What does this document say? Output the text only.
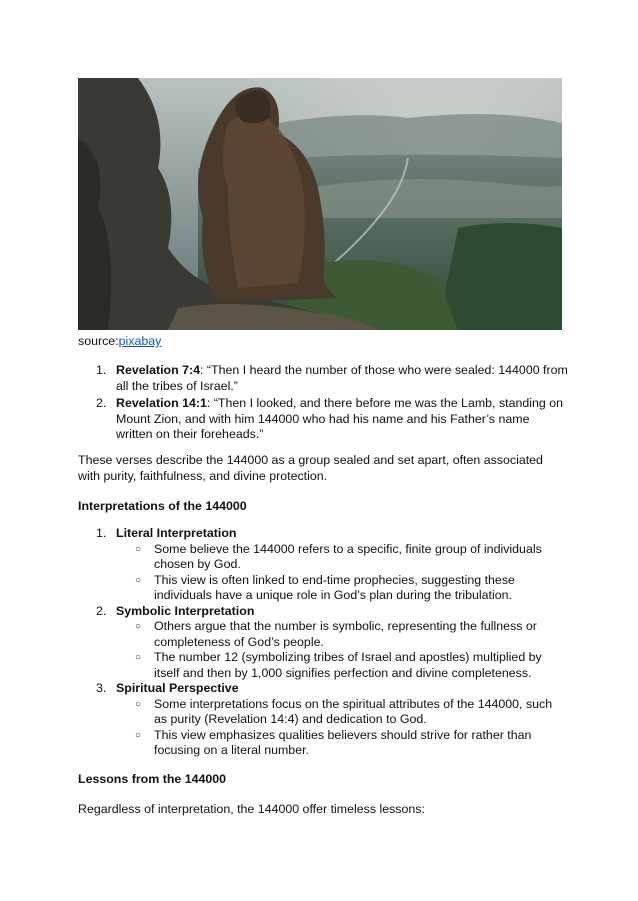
source:pixabay
1. Revelation 7:4: “Then I heard the number of those who were sealed: 144000 from all the tribes of Israel.”
2. Revelation 14:1: “Then I looked, and there before me was the Lamb, standing on Mount Zion, and with him 144000 who had his name and his Father’s name written on their foreheads.”

These verses describe the 144000 as a group sealed and set apart, often associated with purity, faithfulness, and divine protection.

Interpretations of the 144000

1. Literal Interpretation
○ Some believe the 144000 refers to a specific, finite group of individuals chosen by God.
○ This view is often linked to end-time prophecies, suggesting these individuals have a unique role in God’s plan during the tribulation.
2. Symbolic Interpretation
○ Others argue that the number is symbolic, representing the fullness or completeness of God’s people.
○ The number 12 (symbolizing tribes of Israel and apostles) multiplied by itself and then by 1,000 signifies perfection and divine completeness.
3. Spiritual Perspective
○ Some interpretations focus on the spiritual attributes of the 144000, such as purity (Revelation 14:4) and dedication to God.
○ This view emphasizes qualities believers should strive for rather than focusing on a literal number.

Lessons from the 144000

Regardless of interpretation, the 144000 offer timeless lessons:
